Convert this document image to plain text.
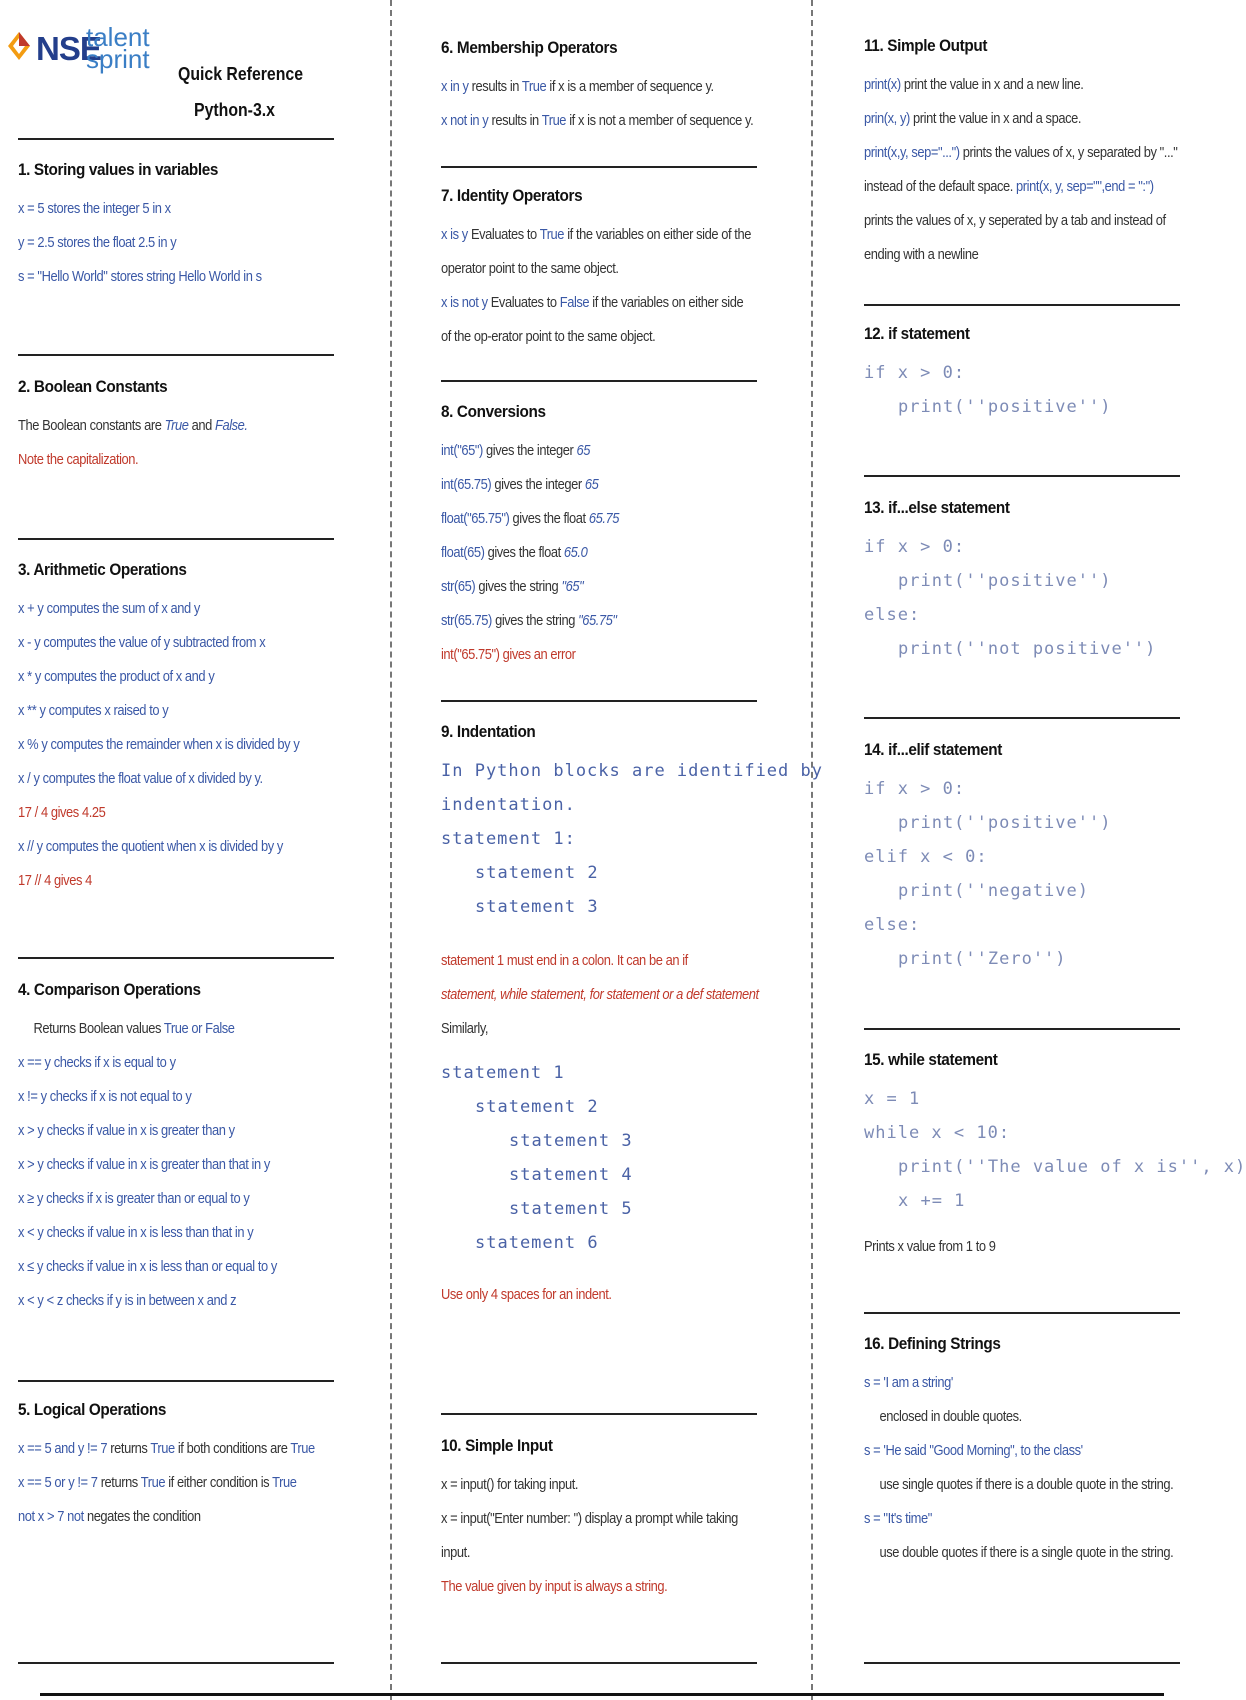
NSE
talent
sprint Quick Reference
Python-3.x
1. Storing values in variables
x = 5 stores the integer 5 in x
y = 2.5 stores the float 2.5 in y
s = "Hello World" stores string Hello World in s
2. Boolean Constants
The Boolean constants are True and False.
Note the capitalization.
3. Arithmetic Operations
x + y computes the sum of x and y
x - y computes the value of y subtracted from x
x * y computes the product of x and y
x ** y computes x raised to y
x % y computes the remainder when x is divided by y
x / y computes the float value of x divided by y.
17 / 4 gives 4.25
x // y computes the quotient when x is divided by y
17 // 4 gives 4
4. Comparison Operations
Returns Boolean values True or False
x == y checks if x is equal to y
x != y checks if x is not equal to y
x > y checks if value in x is greater than y
x > y checks if value in x is greater than that in y
x ≥ y checks if x is greater than or equal to y
x < y checks if value in x is less than that in y
x ≤ y checks if value in x is less than or equal to y
x < y < z checks if y is in between x and z
5. Logical Operations
x == 5 and y != 7 returns True if both conditions are True
x == 5 or y != 7 returns True if either condition is True
not x > 7 not negates the condition
6. Membership Operators
x in y results in True if x is a member of sequence y.
x not in y results in True if x is not a member of sequence y.
7. Identity Operators
x is y Evaluates to True if the variables on either side of the
operator point to the same object.
x is not y Evaluates to False if the variables on either side
of the op-erator point to the same object.
8. Conversions
int("65") gives the integer 65
int(65.75) gives the integer 65
float("65.75") gives the float 65.75
float(65) gives the float 65.0
str(65) gives the string "65"
str(65.75) gives the string "65.75"
int("65.75") gives an error
9. Indentation
In Python blocks are identified by
indentation.
statement 1:
statement 2
statement 3
statement 1 must end in a colon. It can be an if
statement, while statement, for statement or a def statement
Similarly,
statement 1
statement 2
statement 3
statement 4
statement 5
statement 6
Use only 4 spaces for an indent.
10. Simple Input
x = input() for taking input.
x = input("Enter number: ") display a prompt while taking
input.
The value given by input is always a string.
11. Simple Output
print(x) print the value in x and a new line.
prin(x, y) print the value in x and a space.
print(x,y, sep="...") prints the values of x, y separated by "..."
instead of the default space. print(x, y, sep="",end = ":")
prints the values of x, y seperated by a tab and instead of
ending with a newline
12. if statement
if x > 0:
print(''positive'')
13. if...else statement
if x > 0:
print(''positive'')
else:
print(''not positive'')
14. if...elif statement
if x > 0:
print(''positive'')
elif x < 0:
print(''negative)
else:
print(''Zero'')
15. while statement
x = 1
while x < 10:
print(''The value of x is'', x)
x += 1
Prints x value from 1 to 9
16. Defining Strings
s = 'I am a string'
enclosed in double quotes.
s = 'He said "Good Morning", to the class'
use single quotes if there is a double quote in the string.
s = "It's time"
use double quotes if there is a single quote in the string.
